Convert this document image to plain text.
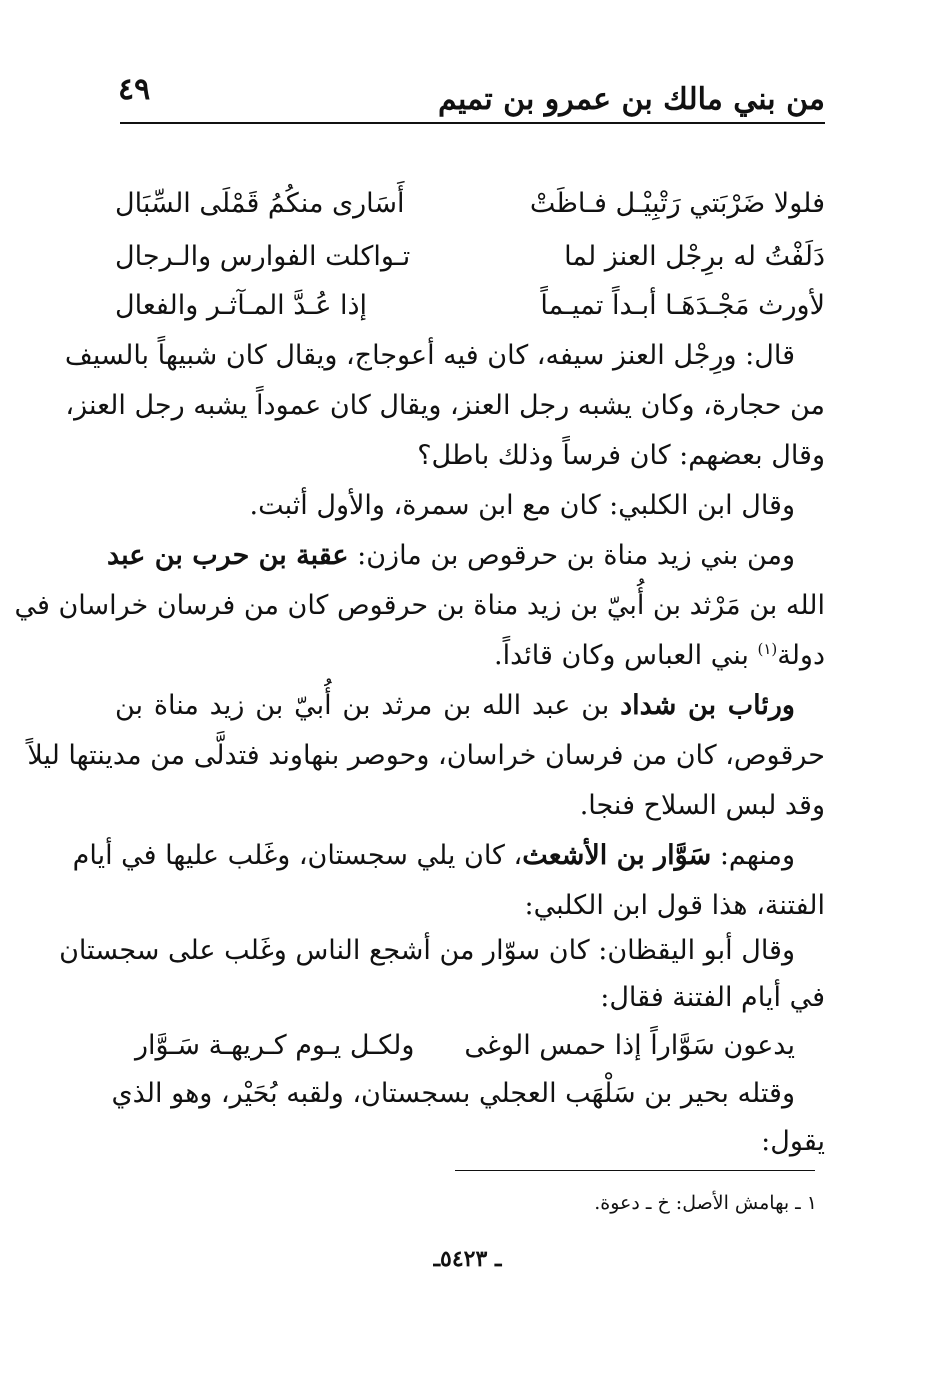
من بني مالك بن عمرو بن تميم
٤٩
فلولا ضَرْبَتي رَتْبِيْـل فـاظَتْ
أَسَارى منكُمُ قَمْلَى السِّبَال
دَلَفْتُ له برِجْل العنز لما
تـواكلت الفوارس والـرجال
لأورث مَجْـدَهَـا أبـداً تميـماً
إذا عُـدَّ المـآثـر والفعال
قال: ورِجْل العنز سيفه، كان فيه أعوجاج، ويقال كان شبيهاً بالسيف
من حجارة، وكان يشبه رجل العنز، ويقال كان عموداً يشبه رجل العنز،
وقال بعضهم: كان فرساً وذلك باطل؟
وقال ابن الكلبي: كان مع ابن سمرة، والأول أثبت.
ومن بني زيد مناة بن حرقوص بن مازن: عقبة بن حرب بن عبد
الله بن مَرْثد بن أُبيّ بن زيد مناة بن حرقوص كان من فرسان خراسان في
دولة$^{(١)}$ بني العباس وكان قائداً.
ورئاب بن شداد بن عبد الله بن مرثد بن أُبيّ بن زيد مناة بن
حرقوص، كان من فرسان خراسان، وحوصر بنهاوند فتدلَّى من مدينتها ليلاً
وقد لبس السلاح فنجا.
ومنهم: سَوَّار بن الأشعث، كان يلي سجستان، وغَلب عليها في أيام
الفتنة، هذا قول ابن الكلبي:
وقال أبو اليقظان: كان سوّار من أشجع الناس وغَلب على سجستان
في أيام الفتنة فقال:
يدعون سَوَّاراً إذا حمس الوغى
ولكـل يـوم كـريهـة سَـوَّار
وقتله بحير بن سَلْهَب العجلي بسجستان، ولقبه بُحَيْر، وهو الذي
يقول:
١ ـ بهامش الأصل: خ ـ دعوة.
ـ ٥٤٢٣ـ
